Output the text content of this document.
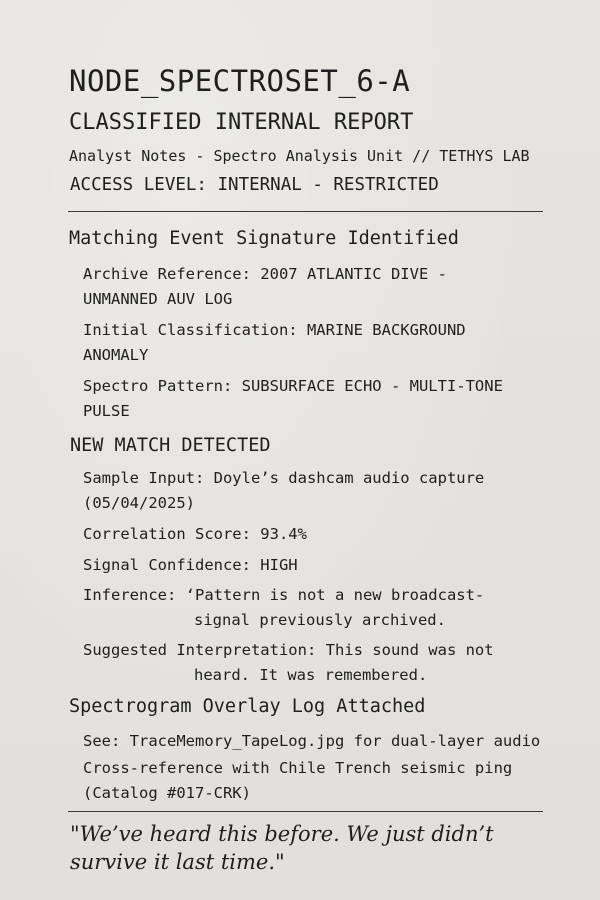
NODE_SPECTROSET_6-A
CLASSIFIED INTERNAL REPORT
Analyst Notes - Spectro Analysis Unit // TETHYS LAB
ACCESS LEVEL: INTERNAL - RESTRICTED
Matching Event Signature Identified
Archive Reference: 2007 ATLANTIC DIVE -
UNMANNED AUV LOG
Initial Classification: MARINE BACKGROUND
ANOMALY
Spectro Pattern: SUBSURFACE ECHO - MULTI-TONE
PULSE
NEW MATCH DETECTED
Sample Input: Doyle’s dashcam audio capture
(05/04/2025)
Correlation Score: 93.4%
Signal Confidence: HIGH
Inference: ‘Pattern is not a new broadcast-
signal previously archived.
Suggested Interpretation: This sound was not
heard. It was remembered.
Spectrogram Overlay Log Attached
See: TraceMemory_TapeLog.jpg for dual-layer audio
Cross-reference with Chile Trench seismic ping
(Catalog #017-CRK)
"We’ve heard this before. We just didn’t
survive it last time."
